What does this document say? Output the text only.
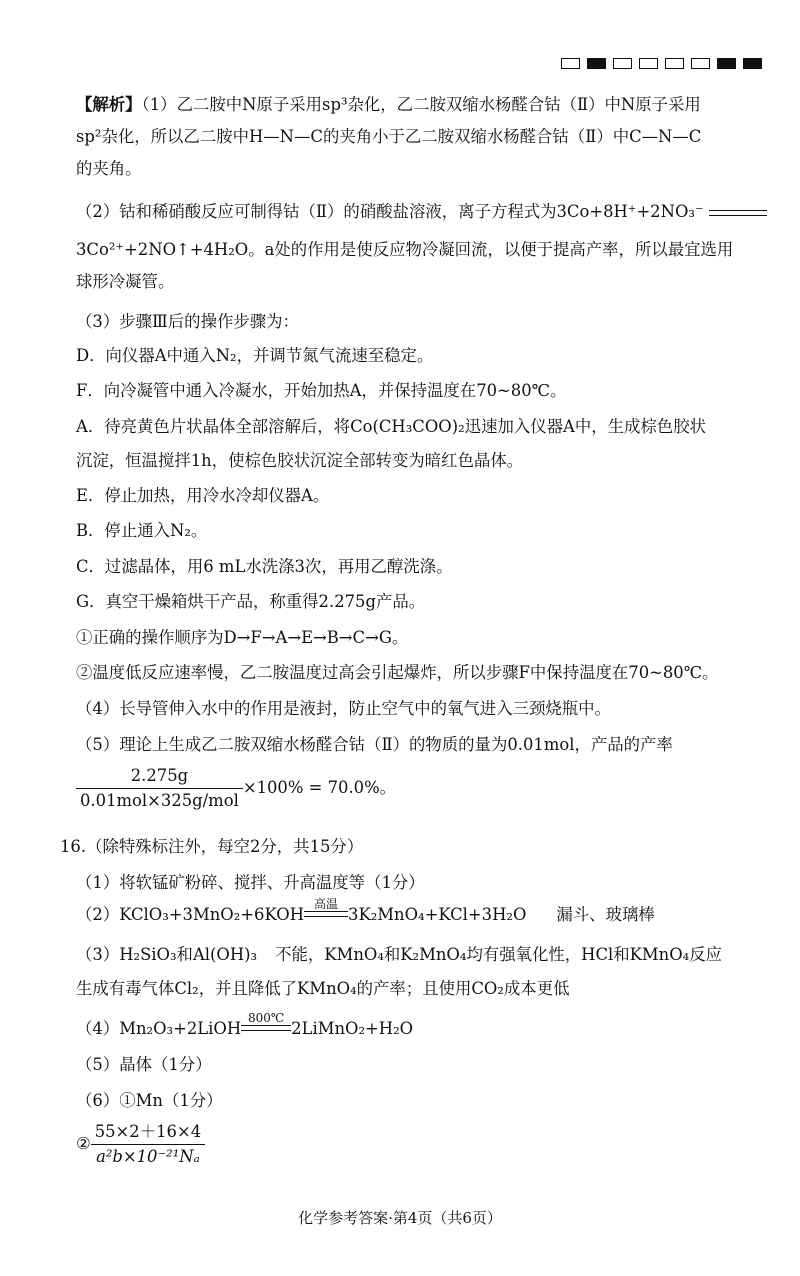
【解析】（1）乙二胺中N原子采用sp³杂化，乙二胺双缩水杨醛合钴（Ⅱ）中N原子采用
sp²杂化，所以乙二胺中H—N—C的夹角小于乙二胺双缩水杨醛合钴（Ⅱ）中C—N—C
的夹角。
（2）钴和稀硝酸反应可制得钴（Ⅱ）的硝酸盐溶液，离子方程式为3Co+8H⁺+2NO₃⁻
3Co²⁺+2NO↑+4H₂O。a处的作用是使反应物冷凝回流，以便于提高产率，所以最宜选用
球形冷凝管。
（3）步骤Ⅲ后的操作步骤为：
D．向仪器A中通入N₂，并调节氮气流速至稳定。
F．向冷凝管中通入冷凝水，开始加热A，并保持温度在70~80℃。
A．待亮黄色片状晶体全部溶解后，将Co(CH₃COO)₂迅速加入仪器A中，生成棕色胶状
沉淀，恒温搅拌1h，使棕色胶状沉淀全部转变为暗红色晶体。
E．停止加热，用冷水冷却仪器A。
B．停止通入N₂。
C．过滤晶体，用6 mL水洗涤3次，再用乙醇洗涤。
G．真空干燥箱烘干产品，称重得2.275g产品。
①正确的操作顺序为D→F→A→E→B→C→G。
②温度低反应速率慢，乙二胺温度过高会引起爆炸，所以步骤F中保持温度在70~80℃。
（4）长导管伸入水中的作用是液封，防止空气中的氧气进入三颈烧瓶中。
（5）理论上生成乙二胺双缩水杨醛合钴（Ⅱ）的物质的量为0.01mol，产品的产率
$\frac{2.275g}{\text{0.01mol×325g/mol}} \times 100\% = 70.0\%$。
16.（除特殊标注外，每空2分，共15分）
（1）将软锰矿粉碎、搅拌、升高温度等（1分）
（2）KClO₃+3MnO₂+6KOH
高温
3K₂MnO₄+KCl+3H₂O 漏斗、玻璃棒
（3）H₂SiO₃和Al(OH)₃ 不能，KMnO₄和K₂MnO₄均有强氧化性，HCl和KMnO₄反应
生成有毒气体Cl₂，并且降低了KMnO₄的产率；且使用CO₂成本更低
（4）Mn₂O₃+2LiOH
800℃
2LiMnO₂+H₂O
（5）晶体（1分）
（6）①Mn（1分）
② $\frac{55\times 2+16\times 4}{\text{a²b×10⁻²¹Nₐ}}$
化学参考答案·第4页（共6页）
